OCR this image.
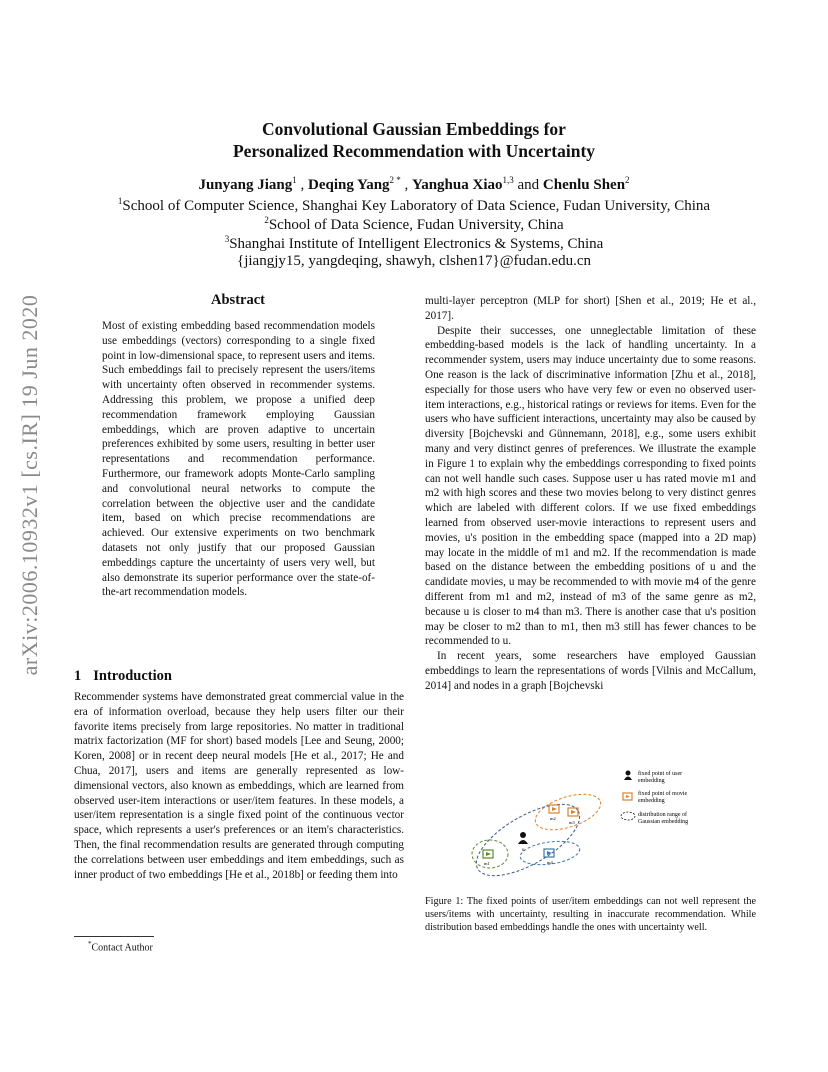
arXiv:2006.10932v1 [cs.IR] 19 Jun 2020
Convolutional Gaussian Embeddings for
Personalized Recommendation with Uncertainty
Junyang Jiang$^1$ , Deqing Yang$^{2 *}$ , Yanghua Xiao$^{1,3}$ and Chenlu Shen$^2$
$^1$School of Computer Science, Shanghai Key Laboratory of Data Science, Fudan University, China
$^2$School of Data Science, Fudan University, China
$^3$Shanghai Institute of Intelligent Electronics & Systems, China
{jiangjy15, yangdeqing, shawyh, clshen17}@fudan.edu.cn
Abstract
Most of existing embedding based recommendation models use embeddings (vectors) corresponding to a single fixed point in low-dimensional space, to represent users and items. Such embeddings fail to precisely represent the users/items with uncertainty often observed in recommender systems. Addressing this problem, we propose a unified deep recommendation framework employing Gaussian embeddings, which are proven adaptive to uncertain preferences exhibited by some users, resulting in better user representations and recommendation performance. Furthermore, our framework adopts Monte-Carlo sampling and convolutional neural networks to compute the correlation between the objective user and the candidate item, based on which precise recommendations are achieved. Our extensive experiments on two benchmark datasets not only justify that our proposed Gaussian embeddings capture the uncertainty of users very well, but also demonstrate its superior performance over the state-of-the-art recommendation models.
1 Introduction
Recommender systems have demonstrated great commercial value in the era of information overload, because they help users filter our their favorite items precisely from large repositories. No matter in traditional matrix factorization (MF for short) based models [Lee and Seung, 2000; Koren, 2008] or in recent deep neural models [He et al., 2017; He and Chua, 2017], users and items are generally represented as low-dimensional vectors, also known as embeddings, which are learned from observed user-item interactions or user/item features. In these models, a user/item representation is a single fixed point of the continuous vector space, which represents a user's preferences or an item's characteristics. Then, the final recommendation results are generated through computing the correlations between user embeddings and item embeddings, such as inner product of two embeddings [He et al., 2018b] or feeding them into
*Contact Author

multi-layer perceptron (MLP for short) [Shen et al., 2019; He et al., 2017].

Despite their successes, one unneglectable limitation of these embedding-based models is the lack of handling uncertainty. In a recommender system, users may induce uncertainty due to some reasons. One reason is the lack of discriminative information [Zhu et al., 2018], especially for those users who have very few or even no observed user-item interactions, e.g., historical ratings or reviews for items. Even for the users who have sufficient interactions, uncertainty may also be caused by diversity [Bojchevski and Günnemann, 2018], e.g., some users exhibit many and very distinct genres of preferences. We illustrate the example in Figure 1 to explain why the embeddings corresponding to fixed points can not well handle such cases. Suppose user u has rated movie m1 and m2 with high scores and these two movies belong to very distinct genres which are labeled with different colors. If we use fixed embeddings learned from observed user-movie interactions to represent users and movies, u's position in the embedding space (mapped into a 2D map) may locate in the middle of m1 and m2. If the recommendation is made based on the distance between the embedding positions of u and the candidate movies, u may be recommended to with movie m4 of the genre different from m1 and m2, instead of m3 of the same genre as m2, because u is closer to m4 than m3. There is another case that u's position may be closer to m2 than to m1, then m3 still has fewer chances to be recommended to u.

In recent years, some researchers have employed Gaussian embeddings to learn the representations of words [Vilnis and McCallum, 2014] and nodes in a graph [Bojchevski

u
m1
m2
m3
m4
fixed point of user
embedding
fixed point of movie
embedding
distribution range of
Gaussian embedding
Figure 1: The fixed points of user/item embeddings can not well represent the users/items with uncertainty, resulting in inaccurate recommendation. While distribution based embeddings handle the ones with uncertainty well.
